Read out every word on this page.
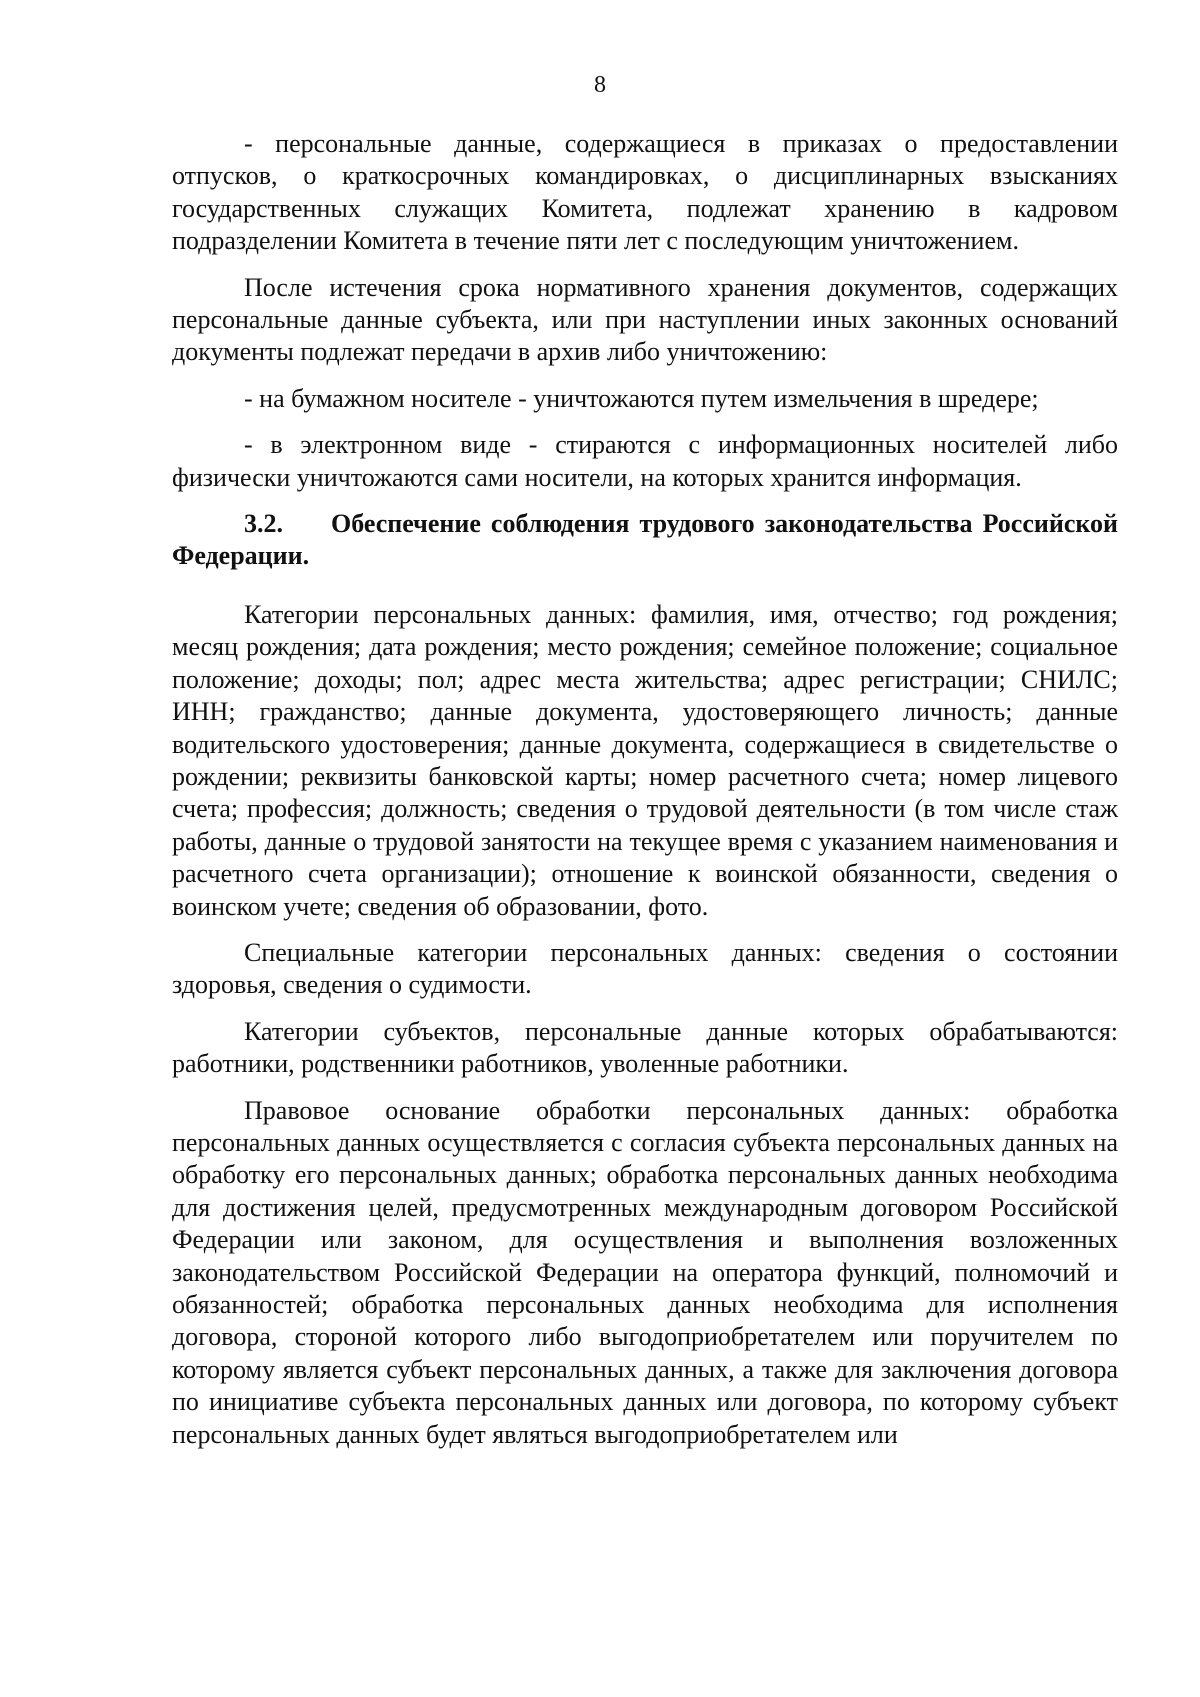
8

- персональные данные, содержащиеся в приказах о предоставлении отпусков, о краткосрочных командировках, о дисциплинарных взысканиях государственных служащих Комитета, подлежат хранению в кадровом подразделении Комитета в течение пяти лет с последующим уничтожением.

После истечения срока нормативного хранения документов, содержащих персональные данные субъекта, или при наступлении иных законных оснований документы подлежат передачи в архив либо уничтожению:

- на бумажном носителе - уничтожаются путем измельчения в шредере;

- в электронном виде - стираются с информационных носителей либо физически уничтожаются сами носители, на которых хранится информация.

3.2. Обеспечение соблюдения трудового законодательства Российской Федерации.

Категории персональных данных: фамилия, имя, отчество; год рождения; месяц рождения; дата рождения; место рождения; семейное положение; социальное положение; доходы; пол; адрес места жительства; адрес регистрации; СНИЛС; ИНН; гражданство; данные документа, удостоверяющего личность; данные водительского удостоверения; данные документа, содержащиеся в свидетельстве о рождении; реквизиты банковской карты; номер расчетного счета; номер лицевого счета; профессия; должность; сведения о трудовой деятельности (в том числе стаж работы, данные о трудовой занятости на текущее время с указанием наименования и расчетного счета организации); отношение к воинской обязанности, сведения о воинском учете; сведения об образовании, фото.

Специальные категории персональных данных: сведения о состоянии здоровья, сведения о судимости.

Категории субъектов, персональные данные которых обрабатываются: работники, родственники работников, уволенные работники.

Правовое основание обработки персональных данных: обработка персональных данных осуществляется с согласия субъекта персональных данных на обработку его персональных данных; обработка персональных данных необходима для достижения целей, предусмотренных международным договором Российской Федерации или законом, для осуществления и выполнения возложенных законодательством Российской Федерации на оператора функций, полномочий и обязанностей; обработка персональных данных необходима для исполнения договора, стороной которого либо выгодоприобретателем или поручителем по которому является субъект персональных данных, а также для заключения договора по инициативе субъекта персональных данных или договора, по которому субъект персональных данных будет являться выгодоприобретателем или
